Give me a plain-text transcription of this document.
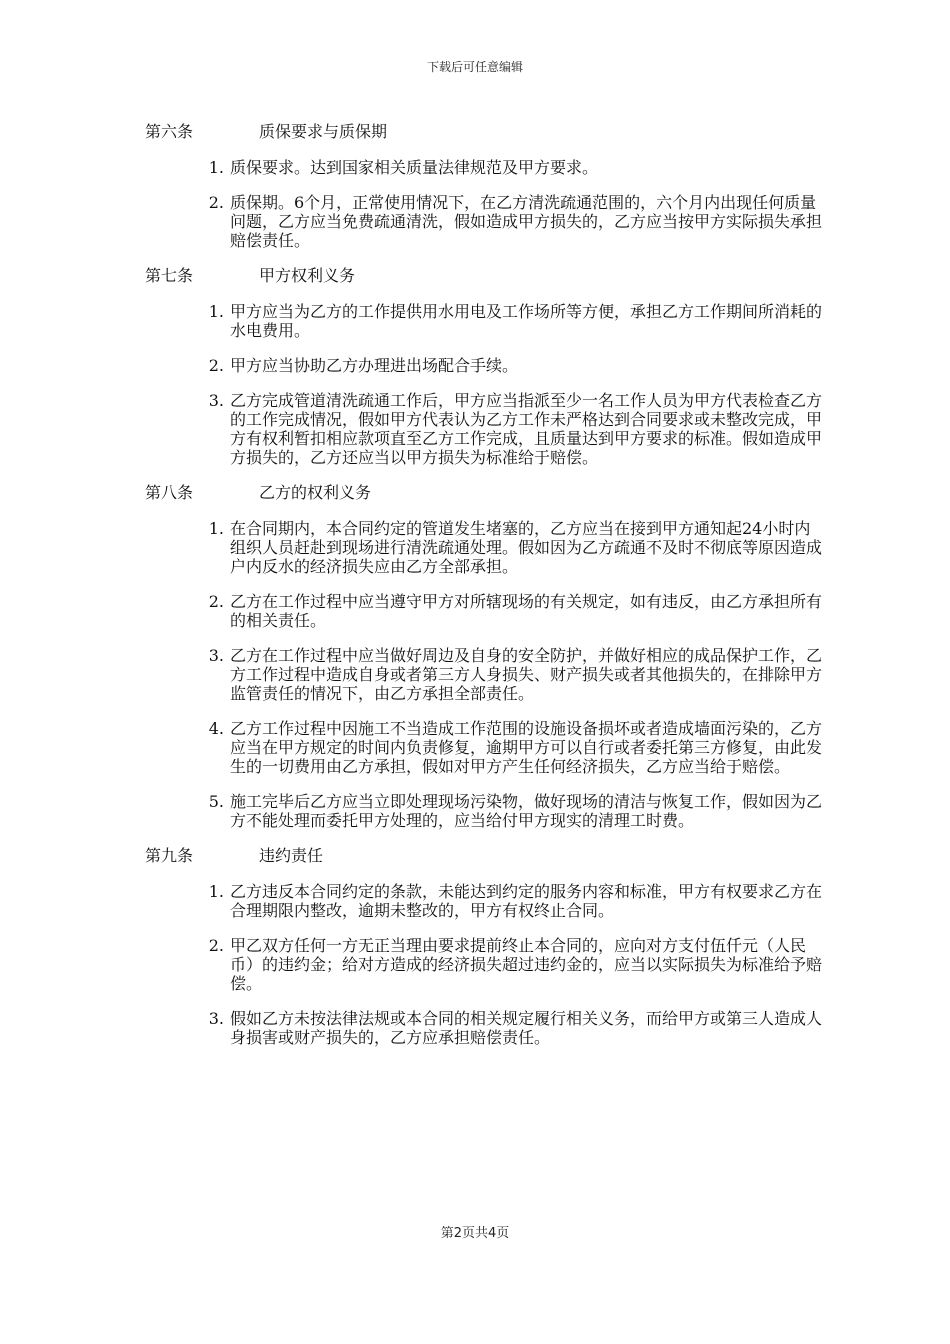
下载后可任意编辑
第六条	质保要求与质保期
1. 质保要求。达到国家相关质量法律规范及甲方要求。
2. 质保期。6个月，正常使用情况下，在乙方清洗疏通范围的，六个月内出现任何质量问题，乙方应当免费疏通清洗，假如造成甲方损失的，乙方应当按甲方实际损失承担赔偿责任。
第七条	甲方权利义务
1. 甲方应当为乙方的工作提供用水用电及工作场所等方便，承担乙方工作期间所消耗的水电费用。
2. 甲方应当协助乙方办理进出场配合手续。
3. 乙方完成管道清洗疏通工作后，甲方应当指派至少一名工作人员为甲方代表检查乙方的工作完成情况，假如甲方代表认为乙方工作未严格达到合同要求或未整改完成，甲方有权利暂扣相应款项直至乙方工作完成，且质量达到甲方要求的标准。假如造成甲方损失的，乙方还应当以甲方损失为标准给于赔偿。
第八条	乙方的权利义务
1. 在合同期内，本合同约定的管道发生堵塞的，乙方应当在接到甲方通知起24小时内组织人员赶赴到现场进行清洗疏通处理。假如因为乙方疏通不及时不彻底等原因造成户内反水的经济损失应由乙方全部承担。
2. 乙方在工作过程中应当遵守甲方对所辖现场的有关规定，如有违反，由乙方承担所有的相关责任。
3. 乙方在工作过程中应当做好周边及自身的安全防护，并做好相应的成品保护工作，乙方工作过程中造成自身或者第三方人身损失、财产损失或者其他损失的，在排除甲方监管责任的情况下，由乙方承担全部责任。
4. 乙方工作过程中因施工不当造成工作范围的设施设备损坏或者造成墙面污染的，乙方应当在甲方规定的时间内负责修复，逾期甲方可以自行或者委托第三方修复，由此发生的一切费用由乙方承担，假如对甲方产生任何经济损失，乙方应当给于赔偿。
5. 施工完毕后乙方应当立即处理现场污染物，做好现场的清洁与恢复工作，假如因为乙方不能处理而委托甲方处理的，应当给付甲方现实的清理工时费。
第九条	违约责任
1. 乙方违反本合同约定的条款，未能达到约定的服务内容和标准，甲方有权要求乙方在合理期限内整改，逾期未整改的，甲方有权终止合同。
2. 甲乙双方任何一方无正当理由要求提前终止本合同的，应向对方支付伍仟元（人民币）的违约金；给对方造成的经济损失超过违约金的，应当以实际损失为标准给予赔偿。
3. 假如乙方未按法律法规或本合同的相关规定履行相关义务，而给甲方或第三人造成人身损害或财产损失的，乙方应承担赔偿责任。
第2页共4页
